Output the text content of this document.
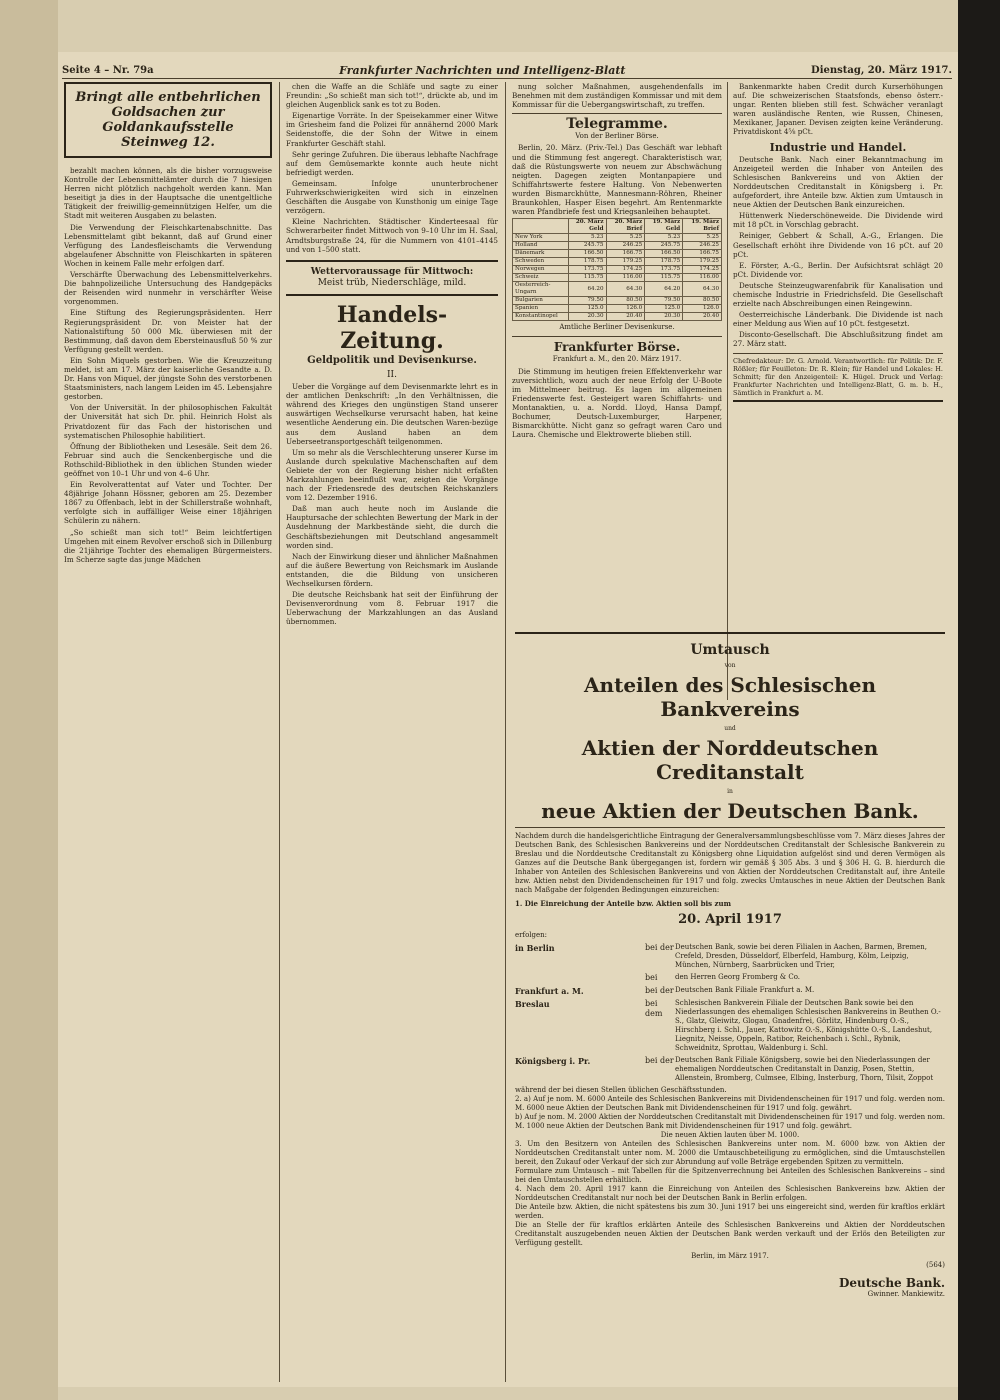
Seite 4 – Nr. 79a	Frankfurter Nachrichten und Intelligenz-Blatt	Dienstag, 20. März 1917.
Bringt alle entbehrlichen Goldsachen zur Goldankaufsstelle Steinweg 12.

bezahlt machen können, als die bisher vorzugsweise Kontrolle der Lebensmittelämter durch die 7 hiesigen Herren nicht plötzlich nachgeholt werden kann. Man beseitigt ja dies in der Hauptsache die unentgeltliche Tätigkeit der freiwillig-gemeinnützigen Helfer, um die Stadt mit weiteren Ausgaben zu belasten.

Die Verwendung der Fleischkartenabschnitte. Das Lebensmittelamt gibt bekannt, daß auf Grund einer Verfügung des Landesfleischamts die Verwendung abgelaufener Abschnitte von Fleischkarten in späteren Wochen in keinem Falle mehr erfolgen darf.

Verschärfte Überwachung des Lebensmittelverkehrs. Die bahnpolizeiliche Untersuchung des Handgepäcks der Reisenden wird nunmehr in verschärfter Weise vorgenommen.

Eine Stiftung des Regierungspräsidenten. Herr Regierungspräsident Dr. von Meister hat der Nationalstiftung 50 000 Mk. überwiesen mit der Bestimmung, daß davon dem Ebersteinausfluß 50 % zur Verfügung gestellt werden.

Ein Sohn Miquels gestorben. Wie die Kreuzzeitung meldet, ist am 17. März der kaiserliche Gesandte a. D. Dr. Hans von Miquel, der jüngste Sohn des verstorbenen Staatsministers, nach langem Leiden im 45. Lebensjahre gestorben.

Von der Universität. In der philosophischen Fakultät der Universität hat sich Dr. phil. Heinrich Holst als Privatdozent für das Fach der historischen und systematischen Philosophie habilitiert.

Öffnung der Bibliotheken und Lesesäle. Seit dem 26. Februar sind auch die Senckenbergische und die Rothschild-Bibliothek in den üblichen Stunden wieder geöffnet von 10–1 Uhr und von 4–6 Uhr.

Ein Revolverattentat auf Vater und Tochter. Der 48jährige Johann Hössner, geboren am 25. Dezember 1867 zu Offenbach, lebt in der Schillerstraße wohnhaft, verfolgte sich in auffälliger Weise einer 18jährigen Schülerin zu nähern.

„So schießt man sich tot!“ Beim leichtfertigen Umgehen mit einem Revolver erschoß sich in Dillenburg die 21jährige Tochter des ehemaligen Bürgermeisters. Im Scherze sagte das junge Mädchen

chen die Waffe an die Schläfe und sagte zu einer Freundin: „So schießt man sich tot!“, drückte ab, und im gleichen Augenblick sank es tot zu Boden.

Eigenartige Vorräte. In der Speisekammer einer Witwe im Griesheim fand die Polizei für annähernd 2000 Mark Seidenstoffe, die der Sohn der Witwe in einem Frankfurter Geschäft stahl.

Sehr geringe Zufuhren. Die überaus lebhafte Nachfrage auf dem Gemüsemarkte konnte auch heute nicht befriedigt werden.

Gemeinsam. Infolge ununterbrochener Fuhrwerkschwierigkeiten wird sich in einzelnen Geschäften die Ausgabe von Kunsthonig um einige Tage verzögern.

Kleine Nachrichten. Städtischer Kinderteesaal für Schwerarbeiter findet Mittwoch von 9–10 Uhr im H. Saal, Arndtsburgstraße 24, für die Nummern von 4101–4145 und von 1–500 statt.

Wettervoraussage für Mittwoch:
Meist trüb, Niederschläge, mild.
Handels-Zeitung.
Geldpolitik und Devisenkurse.
II.

Ueber die Vorgänge auf dem Devisenmarkte lehrt es in der amtlichen Denkschrift: „In den Verhältnissen, die während des Krieges den ungünstigen Stand unserer auswärtigen Wechselkurse verursacht haben, hat keine wesentliche Aenderung ein. Die deutschen Waren-bezüge aus dem Ausland haben an dem Ueberseetransportgeschäft teilgenommen.

Um so mehr als die Verschlechterung unserer Kurse im Auslande durch spekulative Machenschaften auf dem Gebiete der von der Regierung bisher nicht erfaßten Markzahlungen beeinflußt war, zeigten die Vorgänge nach der Friedensrede des deutschen Reichskanzlers vom 12. Dezember 1916.

Daß man auch heute noch im Auslande die Hauptursache der schlechten Bewertung der Mark in der Ausdehnung der Markbestände sieht, die durch die Geschäftsbeziehungen mit Deutschland angesammelt worden sind.

Nach der Einwirkung dieser und ähnlicher Maßnahmen auf die äußere Bewertung von Reichsmark im Auslande entstanden, die die Bildung von unsicheren Wechselkursen fördern.

Die deutsche Reichsbank hat seit der Einführung der Devisenverordnung vom 8. Februar 1917 die Ueberwachung der Markzahlungen an das Ausland übernommen.

nung solcher Maßnahmen, ausgehendenfalls im Benehmen mit dem zuständigen Kommissar und mit dem Kommissar für die Uebergangswirtschaft, zu treffen.

Telegramme.
Von der Berliner Börse.

Berlin, 20. März. (Priv.-Tel.) Das Geschäft war lebhaft und die Stimmung fest angeregt. Charakteristisch war, daß die Rüstungswerte von neuem zur Abschwächung neigten. Dagegen zeigten Montanpapiere und Schiffahrtswerte festere Haltung. Von Nebenwerten wurden Bismarckhütte, Mannesmann-Röhren, Rheiner Braunkohlen, Hasper Eisen begehrt. Am Rentenmarkte waren Pfandbriefe fest und Kriegsanleihen behauptet.

	20. März Geld	20. März Brief	19. März Geld	19. März Brief
New York	5.23	5.25	5.23	5.25
Holland	245.75	246.25	245.75	246.25
Dänemark	166.50	166.75	166.50	166.75
Schweden	178.75	179.25	178.75	179.25
Norwegen	173.75	174.25	173.75	174.25
Schweiz	115.75	116.00	115.75	116.00
Oesterreich-Ungarn	64.20	64.30	64.20	64.30
Bulgarien	79.50	80.50	79.50	80.50
Spanien	125.0	126.0	125.0	126.0
Konstantinopel	20.30	20.40	20.30	20.40
Amtliche Berliner Devisenkurse.
Frankfurter Börse.
Frankfurt a. M., den 20. März 1917.

Die Stimmung im heutigen freien Effektenverkehr war zuversichtlich, wozu auch der neue Erfolg der U-Boote im Mittelmeer beitrug. Es lagen im allgemeinen Friedenswerte fest. Gesteigert waren Schiffahrts- und Montanaktien, u. a. Nordd. Lloyd, Hansa Dampf, Bochumer, Deutsch-Luxemburger, Harpener, Bismarckhütte. Nicht ganz so gefragt waren Caro und Laura. Chemische und Elektrowerte blieben still.

Bankenmarkte haben Credit durch Kurserhöhungen auf. Die schweizerischen Staatsfonds, ebenso österr.-ungar. Renten blieben still fest. Schwächer veranlagt waren ausländische Renten, wie Russen, Chinesen, Mexikaner, Japaner. Devisen zeigten keine Veränderung. Privatdiskont 4⅝ pCt.

Industrie und Handel.

Deutsche Bank. Nach einer Bekanntmachung im Anzeigeteil werden die Inhaber von Anteilen des Schlesischen Bankvereins und von Aktien der Norddeutschen Creditanstalt in Königsberg i. Pr. aufgefordert, ihre Anteile bzw. Aktien zum Umtausch in neue Aktien der Deutschen Bank einzureichen.

Hüttenwerk Niederschöneweide. Die Dividende wird mit 18 pCt. in Vorschlag gebracht.

Reiniger, Gebbert & Schall, A.-G., Erlangen. Die Gesellschaft erhöht ihre Dividende von 16 pCt. auf 20 pCt.

E. Förster, A.-G., Berlin. Der Aufsichtsrat schlägt 20 pCt. Dividende vor.

Deutsche Steinzeugwarenfabrik für Kanalisation und chemische Industrie in Friedrichsfeld. Die Gesellschaft erzielte nach Abschreibungen einen Reingewinn.

Oesterreichische Länderbank. Die Dividende ist nach einer Meldung aus Wien auf 10 pCt. festgesetzt.

Discontо-Gesellschaft. Die Abschlußsitzung findet am 27. März statt.

Chefredakteur: Dr. G. Arnold. Verantwortlich: für Politik: Dr. F. Rößler; für Feuilleton: Dr. R. Klein; für Handel und Lokales: H. Schmitt; für den Anzeigenteil: K. Hügel. Druck und Verlag: Frankfurter Nachrichten und Intelligenz-Blatt, G. m. b. H., Sämtlich in Frankfurt a. M.
Umtausch
von
Anteilen des Schlesischen Bankvereins
und
Aktien der Norddeutschen Creditanstalt
in
neue Aktien der Deutschen Bank.
Nachdem durch die handelsgerichtliche Eintragung der Generalversammlungsbeschlüsse vom 7. März dieses Jahres der Deutschen Bank, des Schlesischen Bankvereins und der Norddeutschen Creditanstalt der Schlesische Bankverein zu Breslau und die Norddeutsche Creditanstalt zu Königsberg ohne Liquidation aufgelöst sind und deren Vermögen als Ganzes auf die Deutsche Bank übergegangen ist, fordern wir gemäß § 305 Abs. 3 und § 306 H. G. B. hierdurch die Inhaber von Anteilen des Schlesischen Bankvereins und von Aktien der Norddeutschen Creditanstalt auf, ihre Anteile bzw. Aktien nebst den Dividendenscheinen für 1917 und folg. zwecks Umtausches in neue Aktien der Deutschen Bank nach Maßgabe der folgenden Bedingungen einzureichen:
1. Die Einreichung der Anteile bzw. Aktien soll bis zum
20. April 1917
erfolgen:
in Berlin	bei der Deutschen Bank, sowie bei deren Filialen in Aachen, Barmen, Bremen, Crefeld, Dresden, Düsseldorf, Elberfeld, Hamburg, Kölm, Leipzig, München, Nürnberg, Saarbrücken und Trier,
bei	den Herren Georg Fromberg & Co.
Frankfurt a. M.	bei der Deutschen Bank Filiale Frankfurt a. M.
Breslau	bei dem
Schlesischen Bankverein Filiale der Deutschen Bank sowie bei den Niederlassungen des ehemaligen Schlesischen Bankvereins in Beuthen O.-S., Glatz, Gleiwitz, Glogau, Gnadenfrei, Görlitz, Hindenburg O.-S., Hirschberg i. Schl., Jauer, Kattowitz O.-S., Königshütte O.-S., Landeshut, Liegnitz, Neisse, Oppeln, Ratibor, Reichenbach i. Schl., Rybnik, Schweidnitz, Sprottau, Waldenburg i. Schl.
Königsberg i. Pr.	bei der Deutschen Bank Filiale Königsberg, sowie bei den Niederlassungen der ehemaligen Norddeutschen Creditanstalt in Danzig, Posen, Stettin, Allenstein, Bromberg, Culmsee, Elbing, Insterburg, Thorn, Tilsit, Zoppot
während der bei diesen Stellen üblichen Geschäftsstunden.
2. a) Auf je nom. M. 6000 Anteile des Schlesischen Bankvereins mit Dividendenscheinen für 1917 und folg. werden nom. M. 6000 neue Aktien der Deutschen Bank mit Dividendenscheinen für 1917 und folg. gewährt.
b) Auf je nom. M. 2000 Aktien der Norddeutschen Creditanstalt mit Dividendenscheinen für 1917 und folg. werden nom. M. 1000 neue Aktien der Deutschen Bank mit Dividendenscheinen für 1917 und folg. gewährt.
Die neuen Aktien lauten über M. 1000.
3. Um den Besitzern von Anteilen des Schlesischen Bankvereins unter nom. M. 6000 bzw. von Aktien der Norddeutschen Creditanstalt unter nom. M. 2000 die Umtauschbeteiligung zu ermöglichen, sind die Umtauschstellen bereit, den Zukauf oder Verkauf der sich zur Abrundung auf volle Beträge ergebenden Spitzen zu vermitteln.
Formulare zum Umtausch – mit Tabellen für die Spitzenverrechnung bei Anteilen des Schlesischen Bankvereins – sind bei den Umtauschstellen erhältlich.
4. Nach dem 20. April 1917 kann die Einreichung von Anteilen des Schlesischen Bankvereins bzw. Aktien der Norddeutschen Creditanstalt nur noch bei der Deutschen Bank in Berlin erfolgen.
Die Anteile bzw. Aktien, die nicht spätestens bis zum 30. Juni 1917 bei uns eingereicht sind, werden für kraftlos erklärt werden.
Die an Stelle der für kraftlos erklärten Anteile des Schlesischen Bankvereins und Aktien der Norddeutschen Creditanstalt auszugebenden neuen Aktien der Deutschen Bank werden verkauft und der Erlös den Beteiligten zur Verfügung gestellt.
Berlin, im März 1917.
(564)
Deutsche Bank.
Gwinner. Mankiewitz.
